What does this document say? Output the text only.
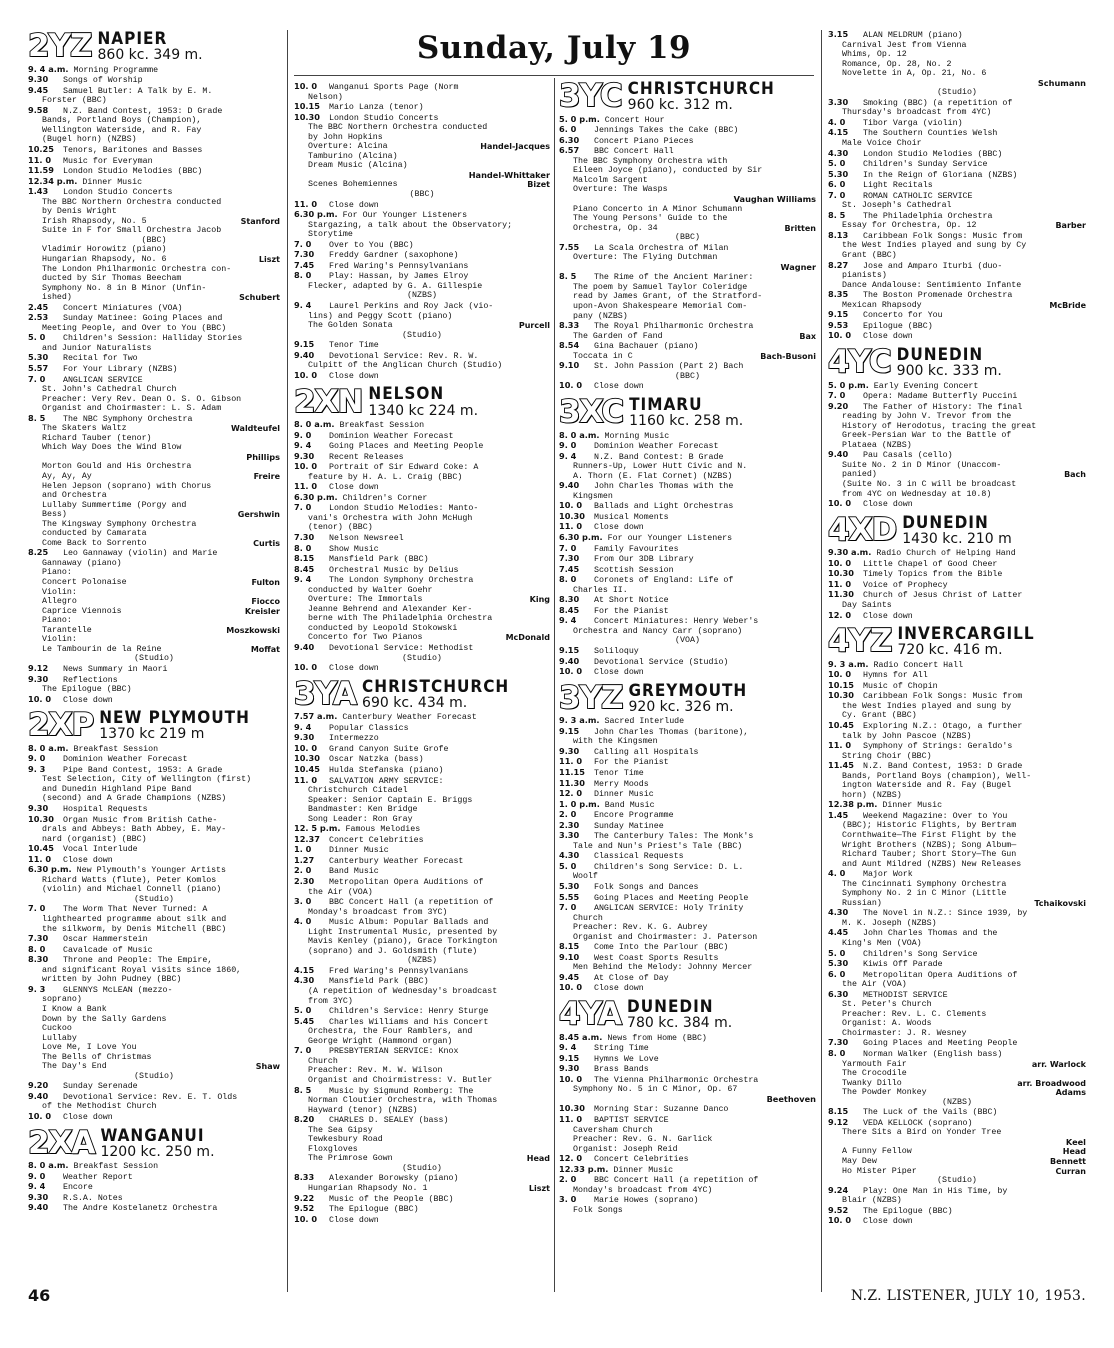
Sunday, July 19
2YZ NAPIER
860 kc. 349 m.
9. 4 a.m. Morning Programme
9.30 Songs of Worship
9.45 Samuel Butler: A Talk by E. M.
Forster (BBC)
9.58 N.Z. Band Contest, 1953: D Grade
Bands, Portland Boys (Champion),
Wellington Waterside, and R. Fay
(Bugel horn) (NZBS)
10.25 Tenors, Baritones and Basses
11. 0 Music for Everyman
11.59 London Studio Melodies (BBC)
12.34 p.m. Dinner Music
1.43 London Studio Concerts
The BBC Northern Orchestra conducted
by Denis Wright
Stanford
Irish Rhapsody, No. 5
Suite in F for Small Orchestra Jacob
(BBC)
Vladimir Horowitz (piano)
Liszt
Hungarian Rhapsody, No. 6
The London Philharmonic Orchestra con-
ducted by Sir Thomas Beecham
Symphony No. 8 in B Minor (Unfin-
Schubert
ished)
2.45 Concert Miniatures (VOA)
2.53 Sunday Matinee: Going Places and
Meeting People, and Over to You (BBC)
5. 0 Children's Session: Halliday Stories
and Junior Naturalists
5.30 Recital for Two
5.57 For Your Library (NZBS)
7. 0 ANGLICAN SERVICE
St. John's Cathedral Church
Preacher: Very Rev. Dean O. S. O. Gibson
Organist and Choirmaster: L. S. Adam
8. 5 The NBC Symphony Orchestra
Waldteufel
The Skaters Waltz
Richard Tauber (tenor)
Which Way Does the Wind Blow
Phillips
Morton Gould and His Orchestra
Freire
Ay, Ay, Ay
Helen Jepson (soprano) with Chorus
and Orchestra
Lullaby Summertime (Porgy and
Gershwin
Bess)
The Kingsway Symphony Orchestra
conducted by Camarata
Curtis
Come Back to Sorrento
8.25 Leo Gannaway (violin) and Marie
Gannaway (piano)
Piano:
Fulton
Concert Polonaise
Violin:
Fiocco
Allegro
Kreisler
Caprice Viennois
Piano:
Moszkowski
Tarantelle
Violin:
Moffat
Le Tambourin de la Reine
(Studio)
9.12 News Summary in Maori
9.30 Reflections
The Epilogue (BBC)
10. 0 Close down
2XP NEW PLYMOUTH
1370 kc 219 m
8. 0 a.m. Breakfast Session
9. 0 Dominion Weather Forecast
9. 3 Pipe Band Contest, 1953: A Grade
Test Selection, City of Wellington (first)
and Dunedin Highland Pipe Band
(second) and A Grade Champions (NZBS)
9.30 Hospital Requests
10.30 Organ Music from British Cathe-
drals and Abbeys: Bath Abbey, E. May-
nard (organist) (BBC)
10.45 Vocal Interlude
11. 0 Close down
6.30 p.m. New Plymouth's Younger Artists
Richard Watts (flute), Peter Komlos
(violin) and Michael Connell (piano)
(Studio)
7. 0 The Worm That Never Turned: A
lighthearted programme about silk and
the silkworm, by Denis Mitchell (BBC)
7.30 Oscar Hammerstein
8. 0 Cavalcade of Music
8.30 Throne and People: The Empire,
and significant Royal visits since 1860,
written by John Pudney (BBC)
9. 3 GLENNYS McLEAN (mezzo-
soprano)
I Know a Bank
Down by the Sally Gardens
Cuckoo
Lullaby
Love Me, I Love You
The Bells of Christmas
Shaw
The Day's End
(Studio)
9.20 Sunday Serenade
9.40 Devotional Service: Rev. E. T. Olds
of the Methodist Church
10. 0 Close down
2XA WANGANUI
1200 kc. 250 m.
8. 0 a.m. Breakfast Session
9. 0 Weather Report
9. 4 Encore
9.30 R.S.A. Notes
9.40 The Andre Kostelanetz Orchestra
10. 0 Wanganui Sports Page (Norm
Nelson)
10.15 Mario Lanza (tenor)
10.30 London Studio Concerts
The BBC Northern Orchestra conducted
by John Hopkins
Handel-Jacques
Overture: Alcina
Tamburino (Alcina)
Dream Music (Alcina)
Handel-Whittaker
Bizet
Scenes Bohemiennes
(BBC)
11. 0 Close down
6.30 p.m. For Our Younger Listeners
Stargazing, a talk about the Observatory;
Storytime
7. 0 Over to You (BBC)
7.30 Freddy Gardner (saxophone)
7.45 Fred Waring's Pennsylvanians
8. 0 Play: Hassan, by James Elroy
Flecker, adapted by G. A. Gillespie
(NZBS)
9. 4 Laurel Perkins and Roy Jack (vio-
lins) and Peggy Scott (piano)
Purcell
The Golden Sonata
(Studio)
9.15 Tenor Time
9.40 Devotional Service: Rev. R. W.
Culpitt of the Anglican Church (Studio)
10. 0 Close down
2XN NELSON
1340 kc 224 m.
8. 0 a.m. Breakfast Session
9. 0 Dominion Weather Forecast
9. 4 Going Places and Meeting People
9.30 Recent Releases
10. 0 Portrait of Sir Edward Coke: A
feature by H. A. L. Craig (BBC)
11. 0 Close down
6.30 p.m. Children's Corner
7. 0 London Studio Melodies: Manto-
vani's Orchestra with John McHugh
(tenor) (BBC)
7.30 Nelson Newsreel
8. 0 Show Music
8.15 Mansfield Park (BBC)
8.45 Orchestral Music by Delius
9. 4 The London Symphony Orchestra
conducted by Walter Goehr
King
Overture: The Immortals
Jeanne Behrend and Alexander Ker-
berne with The Philadelphia Orchestra
conducted by Leopold Stokowski
McDonald
Concerto for Two Pianos
9.40 Devotional Service: Methodist
(Studio)
10. 0 Close down
3YA CHRISTCHURCH
690 kc. 434 m.
7.57 a.m. Canterbury Weather Forecast
9. 4 Popular Classics
9.30 Intermezzo
10. 0 Grand Canyon Suite Grofe
10.30 Oscar Natzka (bass)
10.45 Hulda Stefanska (piano)
11. 0 SALVATION ARMY SERVICE:
Christchurch Citadel
Speaker: Senior Captain E. Briggs
Bandmaster: Ken Bridge
Song Leader: Ron Gray
12. 5 p.m. Famous Melodies
12.37 Concert Celebrities
1. 0 Dinner Music
1.27 Canterbury Weather Forecast
2. 0 Band Music
2.30 Metropolitan Opera Auditions of
the Air (VOA)
3. 0 BBC Concert Hall (a repetition of
Monday's broadcast from 3YC)
4. 0 Music Album: Popular Ballads and
Light Instrumental Music, presented by
Mavis Kenley (piano), Grace Torkington
(soprano) and J. Goldsmith (flute)
(NZBS)
4.15 Fred Waring's Pennsylvanians
4.30 Mansfield Park (BBC)
(A repetition of Wednesday's broadcast
from 3YC)
5. 0 Children's Service: Henry Sturge
5.45 Charles Williams and his Concert
Orchestra, the Four Ramblers, and
George Wright (Hammond organ)
7. 0 PRESBYTERIAN SERVICE: Knox
Church
Preacher: Rev. M. W. Wilson
Organist and Choirmistress: V. Butler
8. 5 Music by Sigmund Romberg: The
Norman Cloutier Orchestra, with Thomas
Hayward (tenor) (NZBS)
8.20 CHARLES D. SEALEY (bass)
The Sea Gipsy
Tewkesbury Road
Floxgloves
Head
The Primrose Gown
(Studio)
8.33 Alexander Borowsky (piano)
Liszt
Hungarian Rhapsody No. 1
9.22 Music of the People (BBC)
9.52 The Epilogue (BBC)
10. 0 Close down
3YC CHRISTCHURCH
960 kc. 312 m.
5. 0 p.m. Concert Hour
6. 0 Jennings Takes the Cake (BBC)
6.30 Concert Piano Pieces
6.57 BBC Concert Hall
The BBC Symphony Orchestra with
Eileen Joyce (piano), conducted by Sir
Malcolm Sargent
Overture: The Wasps
Vaughan Williams
Piano Concerto in A Minor Schumann
The Young Persons' Guide to the
Britten
Orchestra, Op. 34
(BBC)
7.55 La Scala Orchestra of Milan
Overture: The Flying Dutchman
Wagner
8. 5 The Rime of the Ancient Mariner:
The poem by Samuel Taylor Coleridge
read by James Grant, of the Stratford-
upon-Avon Shakespeare Memorial Com-
pany (NZBS)
8.33 The Royal Philharmonic Orchestra
Bax
The Garden of Fand
8.54 Gina Bachauer (piano)
Bach-Busoni
Toccata in C
9.10 St. John Passion (Part 2) Bach
(BBC)
10. 0 Close down
3XC TIMARU
1160 kc. 258 m.
8. 0 a.m. Morning Music
9. 0 Dominion Weather Forecast
9. 4 N.Z. Band Contest: B Grade
Runners-Up, Lower Hutt Civic and N.
A. Thorn (E. Flat Cornet) (NZBS)
9.40 John Charles Thomas with the
Kingsmen
10. 0 Ballads and Light Orchestras
10.30 Musical Moments
11. 0 Close down
6.30 p.m. For our Younger Listeners
7. 0 Family Favourites
7.30 From Our 3DB Library
7.45 Scottish Session
8. 0 Coronets of England: Life of
Charles II.
8.30 At Short Notice
8.45 For the Pianist
9. 4 Concert Miniatures: Henry Weber's
Orchestra and Nancy Carr (soprano)
(VOA)
9.15 Soliloquy
9.40 Devotional Service (Studio)
10. 0 Close down
3YZ GREYMOUTH
920 kc. 326 m.
9. 3 a.m. Sacred Interlude
9.15 John Charles Thomas (baritone),
with the Kingsmen
9.30 Calling all Hospitals
11. 0 For the Pianist
11.15 Tenor Time
11.30 Merry Moods
12. 0 Dinner Music
1. 0 p.m. Band Music
2. 0 Encore Programme
2.30 Sunday Matinee
3.30 The Canterbury Tales: The Monk's
Tale and Nun's Priest's Tale (BBC)
4.30 Classical Requests
5. 0 Children's Song Service: D. L.
Woolf
5.30 Folk Songs and Dances
5.55 Going Places and Meeting People
7. 0 ANGLICAN SERVICE: Holy Trinity
Church
Preacher: Rev. K. G. Aubrey
Organist and Choirmaster: J. Paterson
8.15 Come Into the Parlour (BBC)
9.10 West Coast Sports Results
Men Behind the Melody: Johnny Mercer
9.45 At Close of Day
10. 0 Close down
4YA DUNEDIN
780 kc. 384 m.
8.45 a.m. News from Home (BBC)
9. 4 String Time
9.15 Hymns We Love
9.30 Brass Bands
10. 0 The Vienna Philharmonic Orchestra
Symphony No. 5 in C Minor, Op. 67
Beethoven
10.30 Morning Star: Suzanne Danco
11. 0 BAPTIST SERVICE
Caversham Church
Preacher: Rev. G. N. Garlick
Organist: Joseph Reid
12. 0 Concert Celebrities
12.33 p.m. Dinner Music
2. 0 BBC Concert Hall (a repetition of
Monday's broadcast from 4YC)
3. 0 Marie Howes (soprano)
Folk Songs
3.15 ALAN MELDRUM (piano)
Carnival Jest from Vienna
Whims, Op. 12
Romance, Op. 28, No. 2
Novelette in A, Op. 21, No. 6
Schumann
(Studio)
3.30 Smoking (BBC) (a repetition of
Thursday's broadcast from 4YC)
4. 0 Tibor Varga (violin)
4.15 The Southern Counties Welsh
Male Voice Choir
4.30 London Studio Melodies (BBC)
5. 0 Children's Sunday Service
5.30 In the Reign of Gloriana (NZBS)
6. 0 Light Recitals
7. 0 ROMAN CATHOLIC SERVICE
St. Joseph's Cathedral
8. 5 The Philadelphia Orchestra
Barber
Essay for Orchestra, Op. 12
8.13 Caribbean Folk Songs: Music from
the West Indies played and sung by Cy
Grant (BBC)
8.27 Jose and Amparo Iturbi (duo-
pianists)
Dance Andalouse: Sentimiento Infante
8.35 The Boston Promenade Orchestra
McBride
Mexican Rhapsody
9.15 Concerto for You
9.53 Epilogue (BBC)
10. 0 Close down
4YC DUNEDIN
900 kc. 333 m.
5. 0 p.m. Early Evening Concert
7. 0 Opera: Madame Butterfly Puccini
9.20 The Father of History: The final
reading by John V. Trevor from the
History of Herodotus, tracing the great
Greek-Persian War to the Battle of
Plataea (NZBS)
9.40 Pau Casals (cello)
Suite No. 2 in D Minor (Unaccom-
Bach
panied)
(Suite No. 3 in C will be broadcast
from 4YC on Wednesday at 10.8)
10. 0 Close down
4XD DUNEDIN
1430 kc. 210 m
9.30 a.m. Radio Church of Helping Hand
10. 0 Little Chapel of Good Cheer
10.30 Timely Topics from the Bible
11. 0 Voice of Prophecy
11.30 Church of Jesus Christ of Latter
Day Saints
12. 0 Close down
4YZ INVERCARGILL
720 kc. 416 m.
9. 3 a.m. Radio Concert Hall
10. 0 Hymns for All
10.15 Music of Chopin
10.30 Caribbean Folk Songs: Music from
the West Indies played and sung by
Cy. Grant (BBC)
10.45 Exploring N.Z.: Otago, a further
talk by John Pascoe (NZBS)
11. 0 Symphony of Strings: Geraldo's
String Choir (BBC)
11.45 N.Z. Band Contest, 1953: D Grade
Bands, Portland Boys (champion), Well-
ington Waterside and R. Fay (Bugel
horn) (NZBS)
12.38 p.m. Dinner Music
1.45 Weekend Magazine: Over to You
(BBC); Historic Flights, by Bertram
Cornthwaite—The First Flight by the
Wright Brothers (NZBS); Song Album—
Richard Tauber; Short Story—The Gun
and Aunt Mildred (NZBS) New Releases
4. 0 Major Work
The Cincinnati Symphony Orchestra
Symphony No. 2 in C Minor (Little
Tchaikovski
Russian)
4.30 The Novel in N.Z.: Since 1939, by
M. K. Joseph (NZBS)
4.45 John Charles Thomas and the
King's Men (VOA)
5. 0 Children's Song Service
5.30 Kiwis Off Parade
6. 0 Metropolitan Opera Auditions of
the Air (VOA)
6.30 METHODIST SERVICE
St. Peter's Church
Preacher: Rev. L. C. Clements
Organist: A. Woods
Choirmaster: J. R. Wesney
7.30 Going Places and Meeting People
8. 0 Norman Walker (English bass)
arr. Warlock
Yarmouth Fair
The Crocodile
arr. Broadwood
Twanky Dillo
Adams
The Powder Monkey
(NZBS)
8.15 The Luck of the Vails (BBC)
9.12 VEDA KELLOCK (soprano)
There Sits a Bird on Yonder Tree
Keel
Head
A Funny Fellow
Bennett
May Dew
Curran
Ho Mister Piper
(Studio)
9.24 Play: One Man in His Time, by
Blair (NZBS)
9.52 The Epilogue (BBC)
10. 0 Close down
46	N.Z. LISTENER, JULY 10, 1953.
